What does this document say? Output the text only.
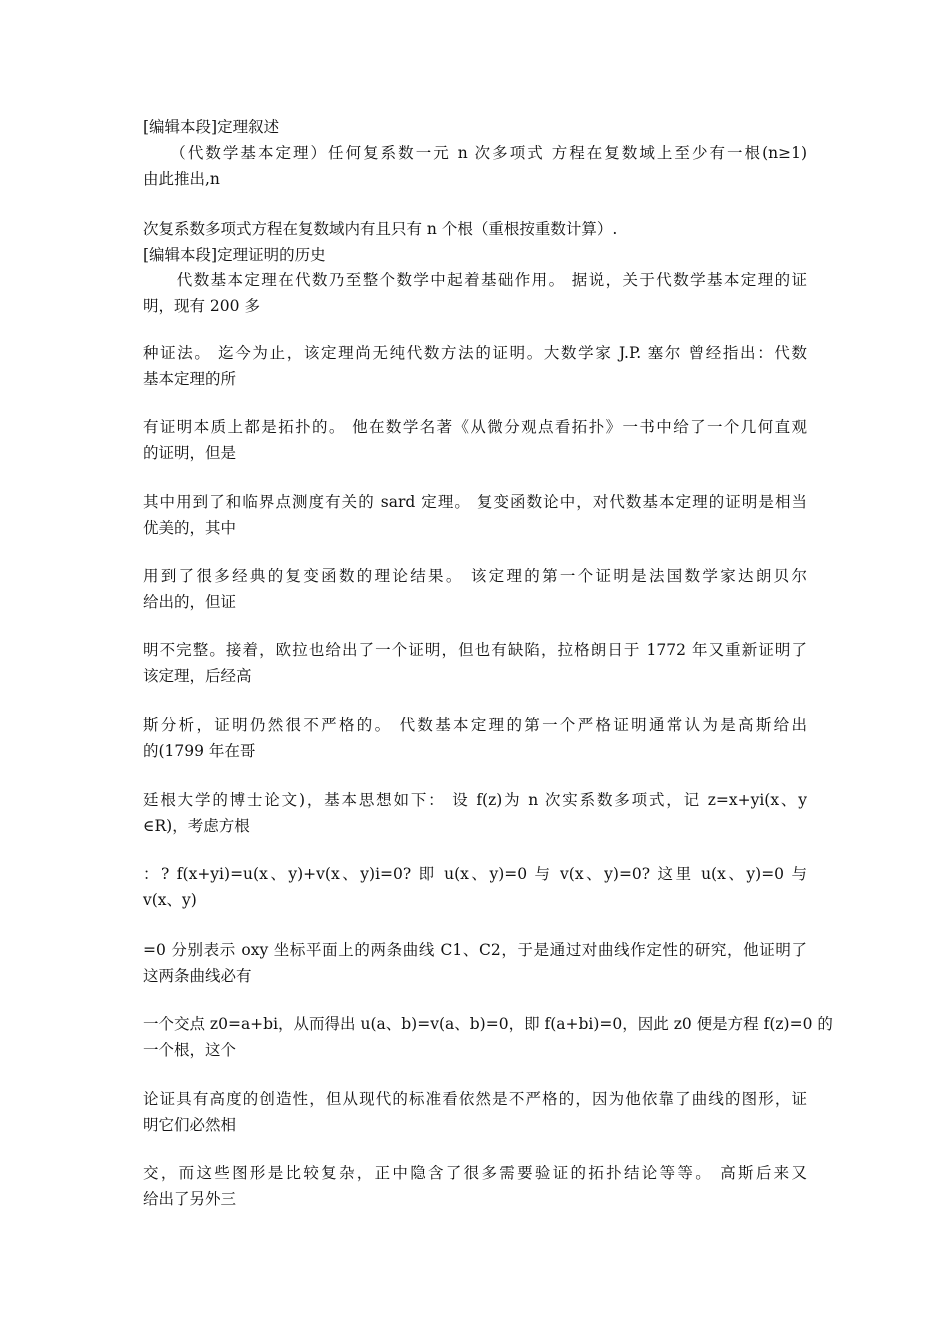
[编辑本段]定理叙述
　　（代数学基本定理）任何复系数一元 n 次多项式 方程在复数域上至少有一根(n≥1)
由此推出,n
次复系数多项式方程在复数域内有且只有 n 个根（重根按重数计算）.
[编辑本段]定理证明的历史
　　代数基本定理在代数乃至整个数学中起着基础作用。 据说，关于代数学基本定理的证
明，现有 200 多
种证法。 迄今为止，该定理尚无纯代数方法的证明。大数学家 J.P. 塞尔 曾经指出：代数
基本定理的所
有证明本质上都是拓扑的。 他在数学名著《从微分观点看拓扑》一书中给了一个几何直观
的证明，但是
其中用到了和临界点测度有关的 sard 定理。 复变函数论中，对代数基本定理的证明是相当
优美的，其中
用到了很多经典的复变函数的理论结果。 该定理的第一个证明是法国数学家达朗贝尔
给出的，但证
明不完整。接着，欧拉也给出了一个证明，但也有缺陷，拉格朗日于 1772 年又重新证明了
该定理，后经高
斯分析，证明仍然很不严格的。 代数基本定理的第一个严格证明通常认为是高斯给出
的(1799 年在哥
廷根大学的博士论文)，基本思想如下： 设 f(z)为 n 次实系数多项式，记 z=x+yi(x、y
∈R)，考虑方根
：? f(x+yi)=u(x、y)+v(x、y)i=0? 即 u(x、y)=0 与 v(x、y)=0? 这里 u(x、y)=0 与
v(x、y)
=0 分别表示 oxy 坐标平面上的两条曲线 C1、C2，于是通过对曲线作定性的研究，他证明了
这两条曲线必有
一个交点 z0=a+bi，从而得出 u(a、b)=v(a、b)=0，即 f(a+bi)=0，因此 z0 便是方程 f(z)=0 的
一个根，这个
论证具有高度的创造性，但从现代的标准看依然是不严格的，因为他依靠了曲线的图形，证
明它们必然相
交，而这些图形是比较复杂，正中隐含了很多需要验证的拓扑结论等等。 高斯后来又
给出了另外三
